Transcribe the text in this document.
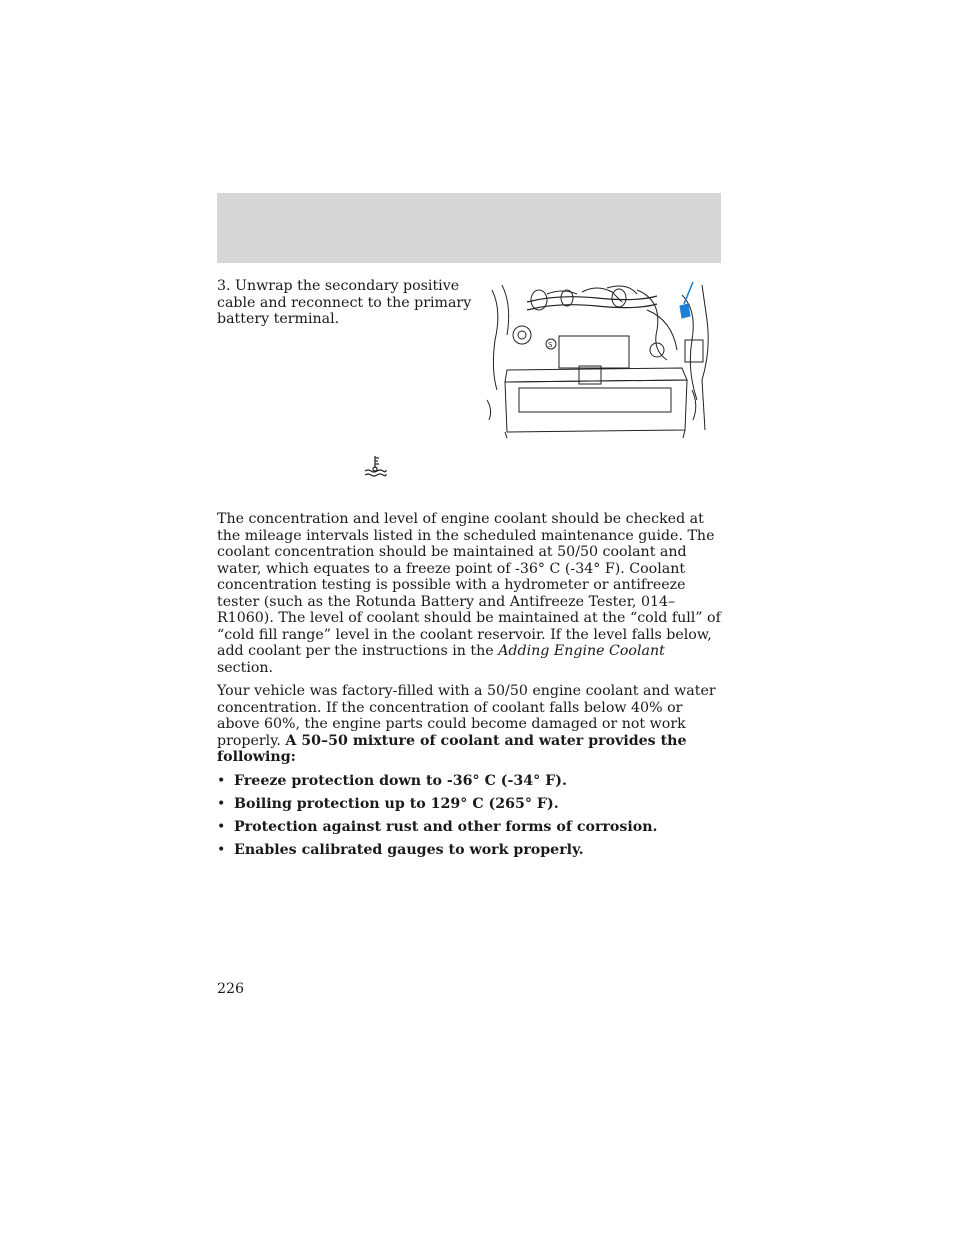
3. Unwrap the secondary positive cable and reconnect to the primary battery terminal.
S

The concentration and level of engine coolant should be checked at the mileage intervals listed in the scheduled maintenance guide. The coolant concentration should be maintained at 50/50 coolant and water, which equates to a freeze point of -36° C (-34° F). Coolant concentration testing is possible with a hydrometer or antifreeze tester (such as the Rotunda Battery and Antifreeze Tester, 014–R1060). The level of coolant should be maintained at the “cold full” of “cold fill range” level in the coolant reservoir. If the level falls below, add coolant per the instructions in the Adding Engine Coolant section.

Your vehicle was factory-filled with a 50/50 engine coolant and water concentration. If the concentration of coolant falls below 40% or above 60%, the engine parts could become damaged or not work properly. A 50–50 mixture of coolant and water provides the following:

• Freeze protection down to -36° C (-34° F).
• Boiling protection up to 129° C (265° F).
• Protection against rust and other forms of corrosion.
• Enables calibrated gauges to work properly.
226
